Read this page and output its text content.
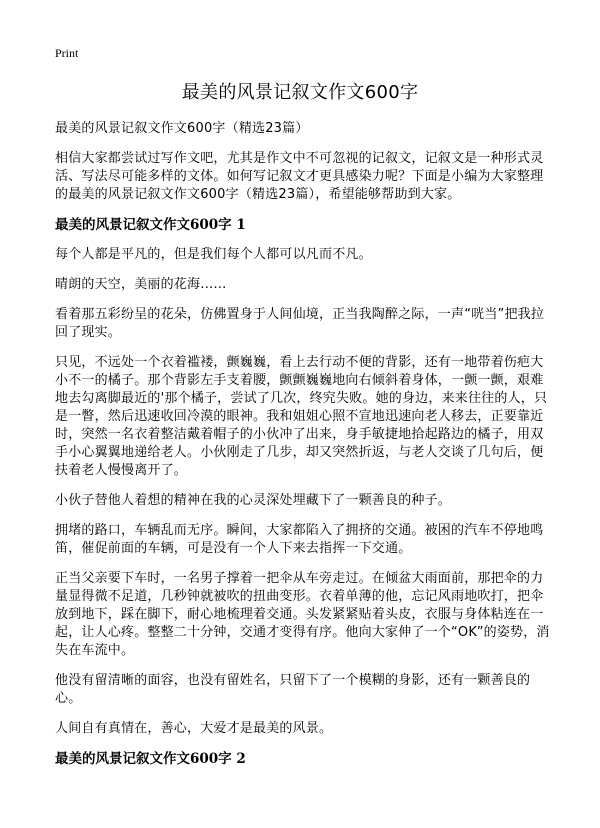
Print
最美的风景记叙文作文600字

最美的风景记叙文作文600字（精选23篇）

相信大家都尝试过写作文吧，尤其是作文中不可忽视的记叙文，记叙文是一种形式灵活、写法尽可能多样的文体。如何写记叙文才更具感染力呢？下面是小编为大家整理的最美的风景记叙文作文600字（精选23篇），希望能够帮助到大家。

最美的风景记叙文作文600字 1

每个人都是平凡的，但是我们每个人都可以凡而不凡。

晴朗的天空，美丽的花海……

看着那五彩纷呈的花朵，仿佛置身于人间仙境，正当我陶醉之际，一声“咣当”把我拉回了现实。

只见，不远处一个衣着褴褛，颤巍巍，看上去行动不便的背影，还有一地带着伤疤大小不一的橘子。那个背影左手支着腰，颤颤巍巍地向右倾斜着身体，一颤一颤，艰难地去勾离脚最近的'那个橘子，尝试了几次，终究失败。她的身边，来来往往的人，只是一瞥，然后迅速收回冷漠的眼神。我和姐姐心照不宣地迅速向老人移去，正要靠近时，突然一名衣着整洁戴着帽子的小伙冲了出来，身手敏捷地拾起路边的橘子，用双手小心翼翼地递给老人。小伙刚走了几步，却又突然折返，与老人交谈了几句后，便扶着老人慢慢离开了。

小伙子替他人着想的精神在我的心灵深处埋藏下了一颗善良的种子。

拥堵的路口，车辆乱而无序。瞬间，大家都陷入了拥挤的交通。被困的汽车不停地鸣笛，催促前面的车辆，可是没有一个人下来去指挥一下交通。

正当父亲要下车时，一名男子撑着一把伞从车旁走过。在倾盆大雨面前，那把伞的力量显得微不足道，几秒钟就被吹的扭曲变形。衣着单薄的他，忘记风雨地吹打，把伞放到地下，踩在脚下，耐心地梳理着交通。头发紧紧贴着头皮，衣服与身体粘连在一起，让人心疼。整整二十分钟，交通才变得有序。他向大家伸了一个“OK”的姿势，消失在车流中。

他没有留清晰的面容，也没有留姓名，只留下了一个模糊的身影，还有一颗善良的心。

人间自有真情在，善心，大爱才是最美的风景。

最美的风景记叙文作文600字 2
